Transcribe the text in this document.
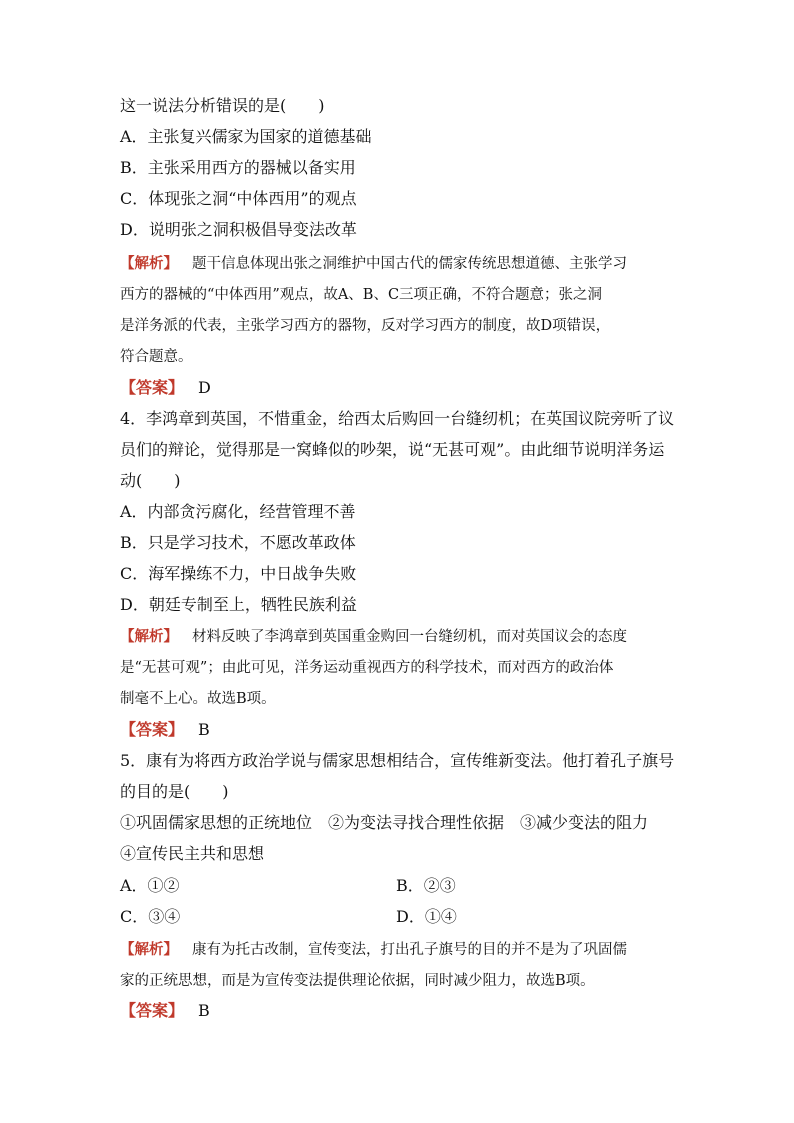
这一说法分析错误的是(　　)
A．主张复兴儒家为国家的道德基础
B．主张采用西方的器械以备实用
C．体现张之洞“中体西用”的观点
D．说明张之洞积极倡导变法改革
【解析】 题干信息体现出张之洞维护中国古代的儒家传统思想道德、主张学习
西方的器械的“中体西用”观点，故A、B、C三项正确，不符合题意；张之洞
是洋务派的代表，主张学习西方的器物，反对学习西方的制度，故D项错误，
符合题意。
【答案】 D
4．李鸿章到英国，不惜重金，给西太后购回一台缝纫机；在英国议院旁听了议
员们的辩论，觉得那是一窝蜂似的吵架，说“无甚可观”。由此细节说明洋务运
动(　　)
A．内部贪污腐化，经营管理不善
B．只是学习技术，不愿改革政体
C．海军操练不力，中日战争失败
D．朝廷专制至上，牺牲民族利益
【解析】 材料反映了李鸿章到英国重金购回一台缝纫机，而对英国议会的态度
是“无甚可观”；由此可见，洋务运动重视西方的科学技术，而对西方的政治体
制毫不上心。故选B项。
【答案】 B
5．康有为将西方政治学说与儒家思想相结合，宣传维新变法。他打着孔子旗号
的目的是(　　)
①巩固儒家思想的正统地位　②为变法寻找合理性依据　③减少变法的阻力
④宣传民主共和思想
A．①②	B．②③
C．③④	D．①④
【解析】 康有为托古改制，宣传变法，打出孔子旗号的目的并不是为了巩固儒
家的正统思想，而是为宣传变法提供理论依据，同时减少阻力，故选B项。
【答案】 B
